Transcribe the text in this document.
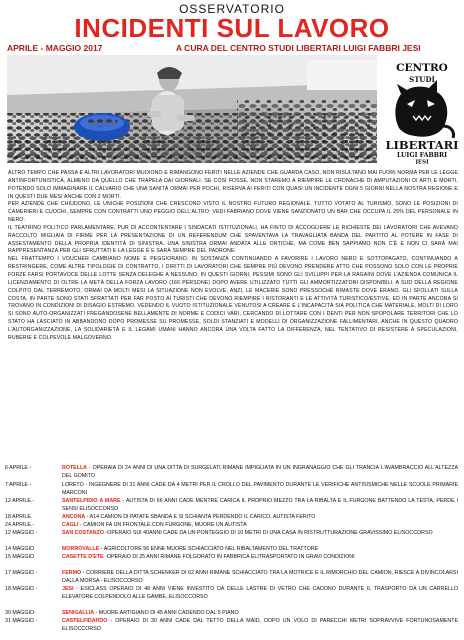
OSSERVATORIO
INCIDENTI SUL LAVORO
APRILE - MAGGIO 2017	A CURA DEL CENTRO STUDI LIBERTARI LUIGI FABBRI JESI
CENTRO
STUDI
LIBERTARI
LUIGI FABBRI
JESI

ALTRO TEMPO CHE PASSA E ALTRI LAVORATORI MUOIONO E RIMANGONO FERITI NELLE AZIENDE CHE GUARDA CASO, NON RISULTANO MAI FUORI NORMA PER LE LEGGE ANTINFORTUNISTICA, ALMENO DA QUELLO CHE TRAPELA DAI GIORNALI. SE COSÌ FOSSE, NON STAREMO A RIEMPIRE LE CRONACHE DI AMPUTAZIONI DI ARTI E MORTI, POTENDO SOLO IMMAGINARE IL CALVARIO CHE UNA SANITÀ ORMAI PER POCHI, RISERVA AI FERITI CON QUASI UN INCIDENTE OGNI 5 GIORNI NELLA NOSTRA REGIONE E IN QUESTI DUE MESI ANCHE CON 2 MORTI.

PER AZIENDE CHE CHIUDONO, LE UNICHE POSIZIONI CHE CRESCONO VISTO IL NOSTRO FUTURO REGIONALE, TUTTO VOTATO AL TURISMO, SONO LE POSIZIONI DI CAMERIERI E CUOCHI, SEMPRE CON CONTRATTI UNO PEGGIO DELL'ALTRO: VEDI FABRIANO DOVE VIENE SANZIONATO UN BAR CHE OCCUPA IL 25% DEL PERSONALE IN NERO.

IL TEATRINO POLITICO PARLAMENTARE, PUR DI ACCONTENTARE I SINDACATI ISTITUZIONALI, HA FINTO DI ACCOGLIERE LE RICHIESTE DEI LAVORATORI CHE AVEVANO RACCOLTO MIGLIAIA DI FIRME PER LA PRESENTAZIONE DI UN REFERENDUM CHE SPAVENTAVA LA TRAVAGLIATA BANDA DEL PARTITO AL POTERE IN FASE DI ASSESTAMENTO DELLA PROPRIA IDENTITÀ DI SINISTRA. UNA SINISTRA ORMAI ANDATA ALLE ORTICHE, MA COME BEN SAPPIAMO NON C'È E NON CI SARÀ MAI RAPPRESENTANZA PER GLI SFRUTTATI E LA LEGGE È E SARÀ SEMPRE DEL PADRONE.

NEL FRATTEMPO I VOUCHER CAMBIANO NOME E PEGGIORANO, IN SOSTANZA CONTINUANDO A FAVORIRE I LAVORO NERO E SOTTOPAGATO, CONTINUANDO A RESTRINGERE, COME ALTRE TIPOLOGIE DI CONTRATTO, I DIRITTI DI LAVORATORI CHE SEMPRE PIÙ DEVONO PRENDERE ATTO CHE POSSONO SOLO CON LE PROPRIE FORZE FARSI PORTAVOCE DELLE LOTTE SENZA DELEGHE A NESSUNO. IN QUESTI GIORNI, PESSIMI SONO GLI SVILUPPI PER LA RAGAINI DOVE L'AZIENDA COMUNICA IL LICENZIAMENTO DI OLTRE LA METÀ DELLA FORZA LAVORO (166 PERSONE) DOPO AVERE UTILIZZATO TUTTI GLI AMMORTIZZATORI DISPONIBILI. A SUD DELLA REGIONE COLPITO DAL TERREMOTO, ORMAI DA MOLTI MESI LA SITUAZIONE NON EVOLVE, ANZI, LE MACERIE SONO PRESSOCHÉ RIMASTE DOVE ERANO. GLI SFOLLATI SULLA COSTA, IN PARTE SONO STATI SFRATTATI PER FAR POSTO AI TURISTI CHE DEVONO RIEMPIRE I RISTORANTI E LE ATTIVITÀ TURISTICO/ESTIVE, ED IN PARTE ANCORA SI TROVANO IN CONDIZIONI DI DISAGIO ESTREMO. VEDENDO IL VUOTO ISTITUZIONALE VENUTOSI A CREARE E L'INCAPACITÀ SIA POLITICA CHE MATERIALE, MOLTI DI LORO SI SONO AUTO-ORGANIZZATI FREGANDOSENE BELLAMENTE DI NORME E CODICI VARI, CERCANDO DI LOTTARE CON I DENTI PER NON SPOPOLARE TERRITORI CHE LO STATO HA LASCIATO IN ABBANDONO DOPO PROMESSE SU PROMESSE, SOLDI STANZIATI E MODELLI DI ORGANIZZAZIONE FALLIMENTARI. ANCHE IN QUESTO QUADRO L'AUTORGANIZZAZIONE, LA SOLIDARIETÀ E IL LEGAMI UMANI HANNO ANCORA UNA VOLTA FATTO LA DIFFERENZA, NEL TENTATIVO DI RESISTERE A SPECULAZIONI, RUBERIE E COLPEVOLE MALGOVERNO.

6 APRILE -	ROTELLA - OPERAIA DI 24 ANNI DI UNA DITTA DI SURGELATI RIMANE IMPIGLIATA IN UN INGRANAGGIO CHE GLI TRANCIA L'AVAMBRACCIO ALL'ALTEZZA DEL GOMITO
7 APRILE -	LORETO - INGEGNERE DI 31 ANNI CADE DA 4 METRI PER IL CROLLO DEL PAVIMENTO DURANTE LE VERIFICHE ANTISISMICHE NELLE SCUOLE PRIMARIE MARCONI
12 APRILE -	SANTELPIDIO A MARE - AUTISTA DI 66 ANNI CADE MENTRE CARICA IL PROPRIO MEZZO TRA LA RIBALTA E IL FURGONE BATTENDO LA TESTA, PERDE I SENSI ELISOCCORSO
18 APRILE	ANCONA - A14 CAMION DI PATATE SBANDA E SI SCHIANTA PERDENDO IL CARICO, AUTISTA FERITO
24 APRILE -	CAGLI - CAMION FA UN FRONTALE CON FURGONE, MUORE UN AUTISTA
12 MAGGIO -	SAN COSTANZO -OPERAIO SUI 40ANNI CADE DA UN PONTEGGIO DI 10 METRI DI UNA CASA IN RISTRUTTURAZIONE GRAVISSIMO ELISOCCORSO
14 MAGGIO	MORROVALLE - AGRICOLTORE 56 ENNE MUORE SCHIACCIATO NEL RIBALTAMENTO DEL TRATTORE
15 MAGGIO	CASETTE D'ETE -OPERAIO DI 25 ANNI RIMANE FOLGORATO IN FABBRICA ELITRASPORTATO IN GRAVI CONDIZIONI
17 MAGGIO -	FERMO - CORRIERE DELLA DITTA SCHENKER DI 62 ANNI RIMANE SCHIACCIATO TRA LA MOTRICE E IL RIMORCHIO DEL CAMION, RIESCE A DIVINCOLARSI DALLA MORSA - ELISOCCORSO
18 MAGGIO -	JESI - ESICLASS OPERAIO DI 48 ANNI VIENE INVESTITO DA DELLE LASTRE DI VETRO CHE CADONO DURANTE IL TRASPORTO DA UN CARRELLO ELEVATORE COLPENDOLO ALLE GAMBE, ELISOCCORSO
30 MAGGIO-	SENIGALLIA - MUORE ARTIGIANO DI 45 ANNI CADENDO DAL 5 PIANO
31 MAGGIO -	CASTELFIDARDO - OPERAIO DI 30 ANNI CADE DAL TETTO DELLA MAID, DOPO UN VOLO DI PARECCHI METRI SOPRAVVIVE FORTUNOSAMENTE ELISOCCORSO
